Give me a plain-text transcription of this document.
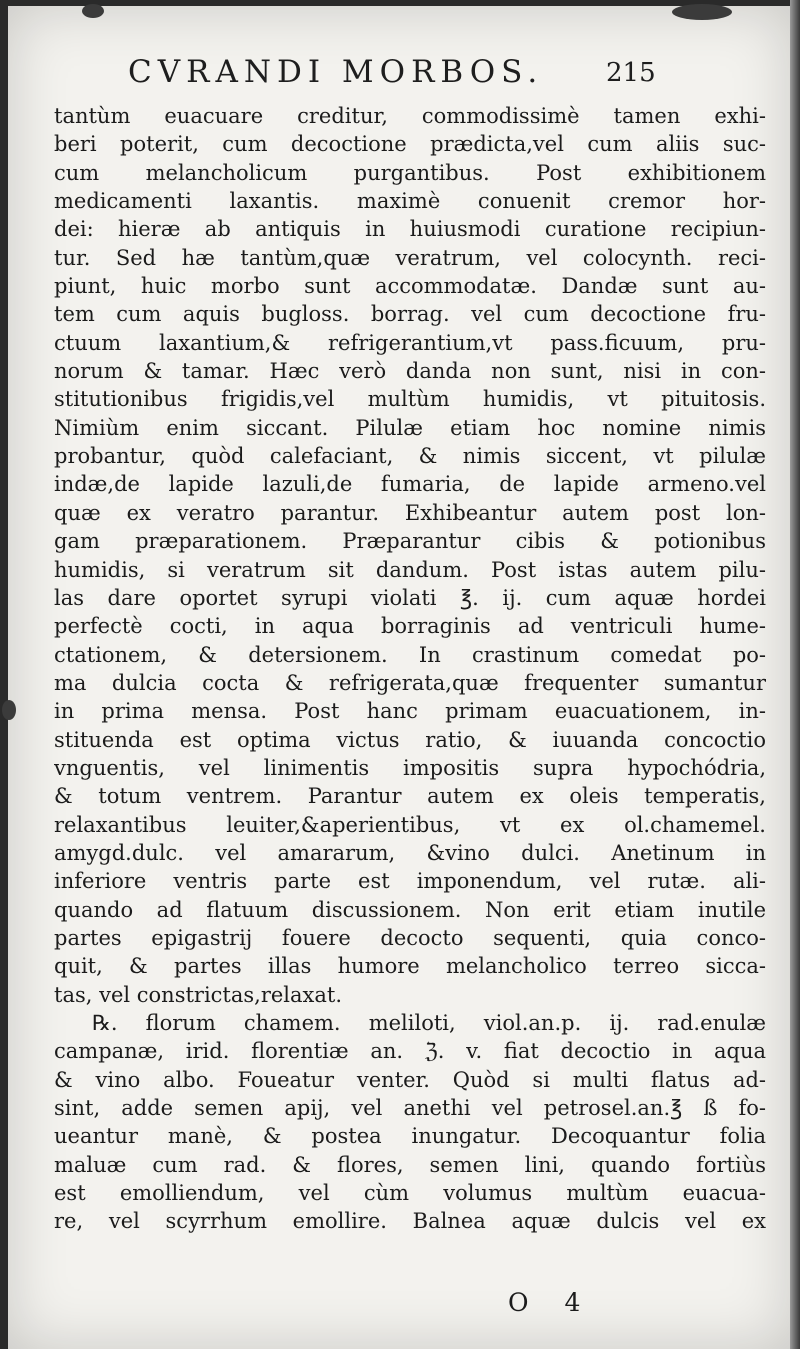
CVRANDI MORBOS. 215
tantùm euacuare creditur, commodissimè tamen exhi-
beri poterit, cum decoctione prædicta,vel cum aliis suc-
cum melancholicum purgantibus. Post exhibitionem
medicamenti laxantis. maximè conuenit cremor hor-
dei: hieræ ab antiquis in huiusmodi curatione recipiun-
tur. Sed hæ tantùm,quæ veratrum, vel colocynth. reci-
piunt, huic morbo sunt accommodatæ. Dandæ sunt au-
tem cum aquis bugloss. borrag. vel cum decoctione fru-
ctuum laxantium,& refrigerantium,vt pass.ficuum, pru-
norum & tamar. Hæc verò danda non sunt, nisi in con-
stitutionibus frigidis,vel multùm humidis, vt pituitosis.
Nimiùm enim siccant. Pilulæ etiam hoc nomine nimis
probantur, quòd calefaciant, & nimis siccent, vt pilulæ
indæ,de lapide lazuli,de fumaria, de lapide armeno.vel
quæ ex veratro parantur. Exhibeantur autem post lon-
gam præparationem. Præparantur cibis & potionibus
humidis, si veratrum sit dandum. Post istas autem pilu-
las dare oportet syrupi violati ℥. ij. cum aquæ hordei
perfectè cocti, in aqua borraginis ad ventriculi hume-
ctationem, & detersionem. In crastinum comedat po-
ma dulcia cocta & refrigerata,quæ frequenter sumantur
in prima mensa. Post hanc primam euacuationem, in-
stituenda est optima victus ratio, & iuuanda concoctio
vnguentis, vel linimentis impositis supra hypochódria,
& totum ventrem. Parantur autem ex oleis temperatis,
relaxantibus leuiter,&aperientibus, vt ex ol.chamemel.
amygd.dulc. vel amararum, &vino dulci. Anetinum in
inferiore ventris parte est imponendum, vel rutæ. ali-
quando ad flatuum discussionem. Non erit etiam inutile
partes epigastrij fouere decocto sequenti, quia conco-
quit, & partes illas humore melancholico terreo sicca-
tas, vel constrictas,relaxat.
℞. florum chamem. meliloti, viol.an.p. ij. rad.enulæ
campanæ, irid. florentiæ an. ℨ. v. fiat decoctio in aqua
& vino albo. Foueatur venter. Quòd si multi flatus ad-
sint, adde semen apij, vel anethi vel petrosel.an.℥ ß fo-
ueantur manè, & postea inungatur. Decoquantur folia
maluæ cum rad. & flores, semen lini, quando fortiùs
est emolliendum, vel cùm volumus multùm euacua-
re, vel scyrrhum emollire. Balnea aquæ dulcis vel ex
O 4
